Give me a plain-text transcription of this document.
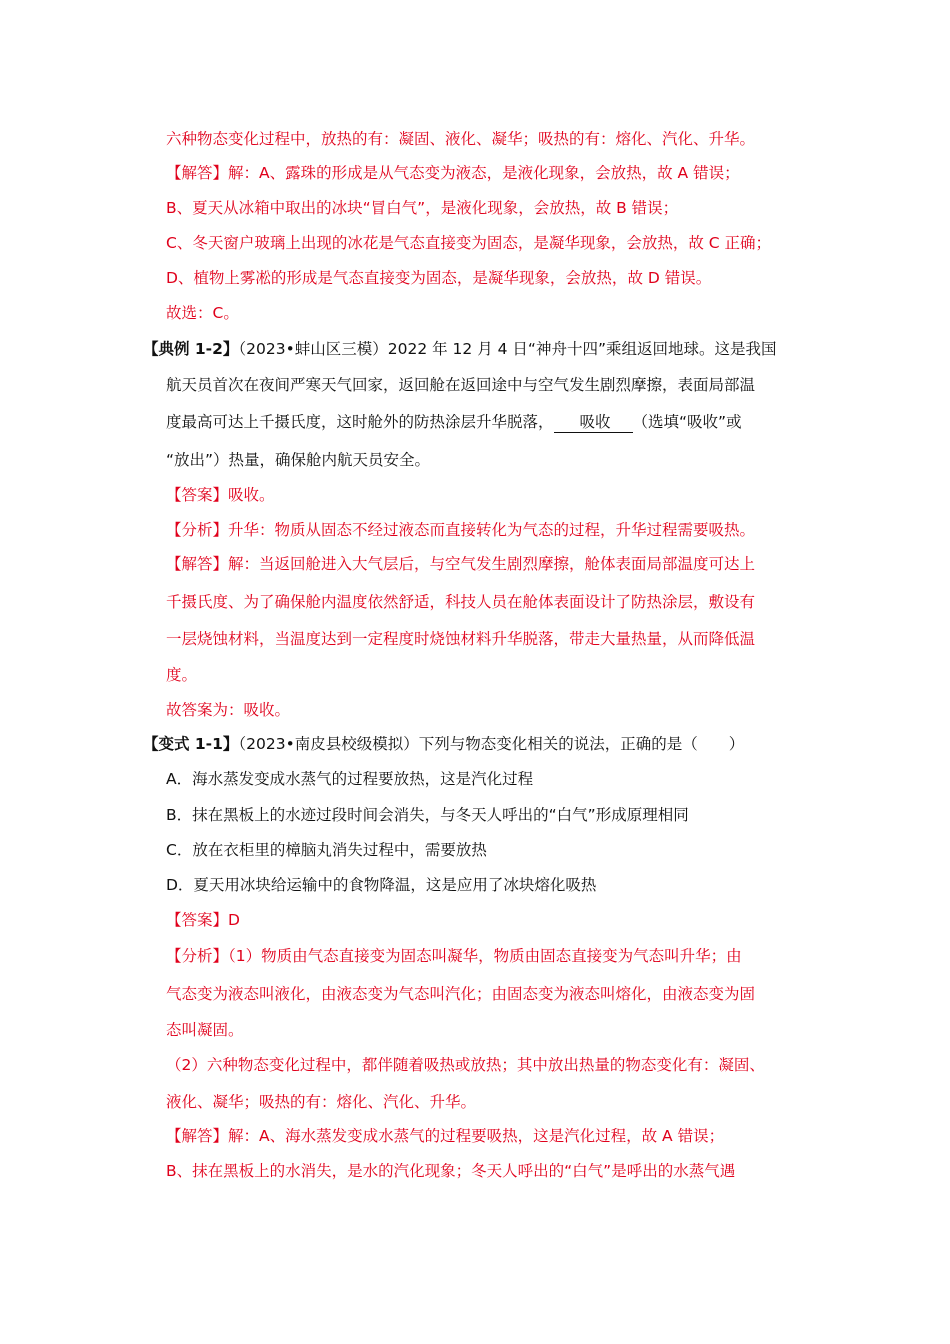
六种物态变化过程中，放热的有：凝固、液化、凝华；吸热的有：熔化、汽化、升华。
【解答】解：A、露珠的形成是从气态变为液态，是液化现象，会放热，故 A 错误；
B、夏天从冰箱中取出的冰块“冒白气”，是液化现象，会放热，故 B 错误；
C、冬天窗户玻璃上出现的冰花是气态直接变为固态，是凝华现象，会放热，故 C 正确；
D、植物上雾凇的形成是气态直接变为固态，是凝华现象，会放热，故 D 错误。
故选：C。
【典例 1-2】（2023•蚌山区三模）2022 年 12 月 4 日“神舟十四”乘组返回地球。这是我国
航天员首次在夜间严寒天气回家，返回舱在返回途中与空气发生剧烈摩擦，表面局部温
度最高可达上千摄氏度，这时舱外的防热涂层升华脱落， 吸收 （选填“吸收”或
“放出”）热量，确保舱内航天员安全。
【答案】吸收。
【分析】升华：物质从固态不经过液态而直接转化为气态的过程，升华过程需要吸热。
【解答】解：当返回舱进入大气层后，与空气发生剧烈摩擦，舱体表面局部温度可达上
千摄氏度、为了确保舱内温度依然舒适，科技人员在舱体表面设计了防热涂层，敷设有
一层烧蚀材料，当温度达到一定程度时烧蚀材料升华脱落，带走大量热量，从而降低温
度。
故答案为：吸收。
【变式 1-1】（2023•南皮县校级模拟）下列与物态变化相关的说法，正确的是（　　）
A．海水蒸发变成水蒸气的过程要放热，这是汽化过程
B．抹在黑板上的水迹过段时间会消失，与冬天人呼出的“白气”形成原理相同
C．放在衣柜里的樟脑丸消失过程中，需要放热
D．夏天用冰块给运输中的食物降温，这是应用了冰块熔化吸热
【答案】D
【分析】（1）物质由气态直接变为固态叫凝华，物质由固态直接变为气态叫升华；由
气态变为液态叫液化，由液态变为气态叫汽化；由固态变为液态叫熔化，由液态变为固
态叫凝固。
（2）六种物态变化过程中，都伴随着吸热或放热；其中放出热量的物态变化有：凝固、
液化、凝华；吸热的有：熔化、汽化、升华。
【解答】解：A、海水蒸发变成水蒸气的过程要吸热，这是汽化过程，故 A 错误；
B、抹在黑板上的水消失，是水的汽化现象；冬天人呼出的“白气”是呼出的水蒸气遇
